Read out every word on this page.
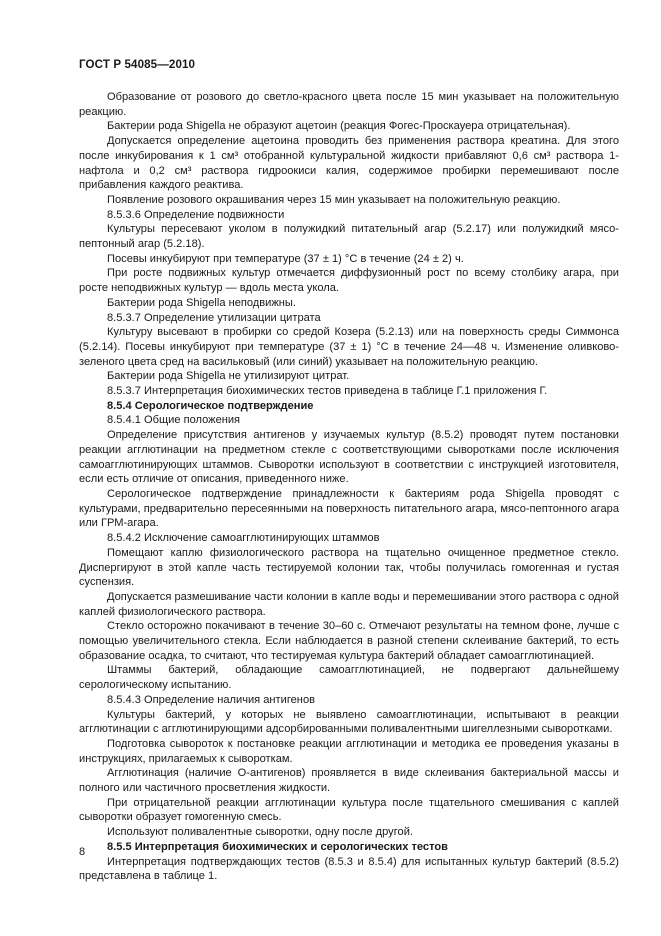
ГОСТ Р 54085—2010

Образование от розового до светло-красного цвета после 15 мин указывает на положительную реакцию.

Бактерии рода Shigella не образуют ацетоин (реакция Фогес-Проскауера отрицательная).

Допускается определение ацетоина проводить без применения раствора креатина. Для этого после инкубирования к 1 см³ отобранной культуральной жидкости прибавляют 0,6 см³ раствора 1-нафтола и 0,2 см³ раствора гидроокиси калия, содержимое пробирки перемешивают после прибавления каждого реактива.

Появление розового окрашивания через 15 мин указывает на положительную реакцию.

8.5.3.6 Определение подвижности

Культуры пересевают уколом в полужидкий питательный агар (5.2.17) или полужидкий мясо-пептонный агар (5.2.18).

Посевы инкубируют при температуре (37 ± 1) °С в течение (24 ± 2) ч.

При росте подвижных культур отмечается диффузионный рост по всему столбику агара, при росте неподвижных культур — вдоль места укола.

Бактерии рода Shigella неподвижны.

8.5.3.7 Определение утилизации цитрата

Культуру высевают в пробирки со средой Козера (5.2.13) или на поверхность среды Симмонса (5.2.14). Посевы инкубируют при температуре (37 ± 1) °С в течение 24—48 ч. Изменение оливково-зеленого цвета сред на васильковый (или синий) указывает на положительную реакцию.

Бактерии рода Shigella не утилизируют цитрат.

8.5.3.7 Интерпретация биохимических тестов приведена в таблице Г.1 приложения Г.

8.5.4 Серологическое подтверждение

8.5.4.1 Общие положения

Определение присутствия антигенов у изучаемых культур (8.5.2) проводят путем постановки реакции агглютинации на предметном стекле с соответствующими сыворотками после исключения самоагглютинирующих штаммов. Сыворотки используют в соответствии с инструкцией изготовителя, если есть отличие от описания, приведенного ниже.

Серологическое подтверждение принадлежности к бактериям рода Shigella проводят с культурами, предварительно пересеянными на поверхность питательного агара, мясо-пептонного агара или ГРМ-агара.

8.5.4.2 Исключение самоагглютинирующих штаммов

Помещают каплю физиологического раствора на тщательно очищенное предметное стекло. Диспергируют в этой капле часть тестируемой колонии так, чтобы получилась гомогенная и густая суспензия.

Допускается размешивание части колонии в капле воды и перемешивании этого раствора с одной каплей физиологического раствора.

Стекло осторожно покачивают в течение 30–60 с. Отмечают результаты на темном фоне, лучше с помощью увеличительного стекла. Если наблюдается в разной степени склеивание бактерий, то есть образование осадка, то считают, что тестируемая культура бактерий обладает самоагглютинацией.

Штаммы бактерий, обладающие самоагглютинацией, не подвергают дальнейшему серологическому испытанию.

8.5.4.3 Определение наличия антигенов

Культуры бактерий, у которых не выявлено самоагглютинации, испытывают в реакции агглютинации с агглютинирующими адсорбированными поливалентными шигеллезными сыворотками.

Подготовка сывороток к постановке реакции агглютинации и методика ее проведения указаны в инструкциях, прилагаемых к сывороткам.

Агглютинация (наличие О-антигенов) проявляется в виде склеивания бактериальной массы и полного или частичного просветления жидкости.

При отрицательной реакции агглютинации культура после тщательного смешивания с каплей сыворотки образует гомогенную смесь.

Используют поливалентные сыворотки, одну после другой.

8.5.5 Интерпретация биохимических и серологических тестов

Интерпретация подтверждающих тестов (8.5.3 и 8.5.4) для испытанных культур бактерий (8.5.2) представлена в таблице 1.

8
